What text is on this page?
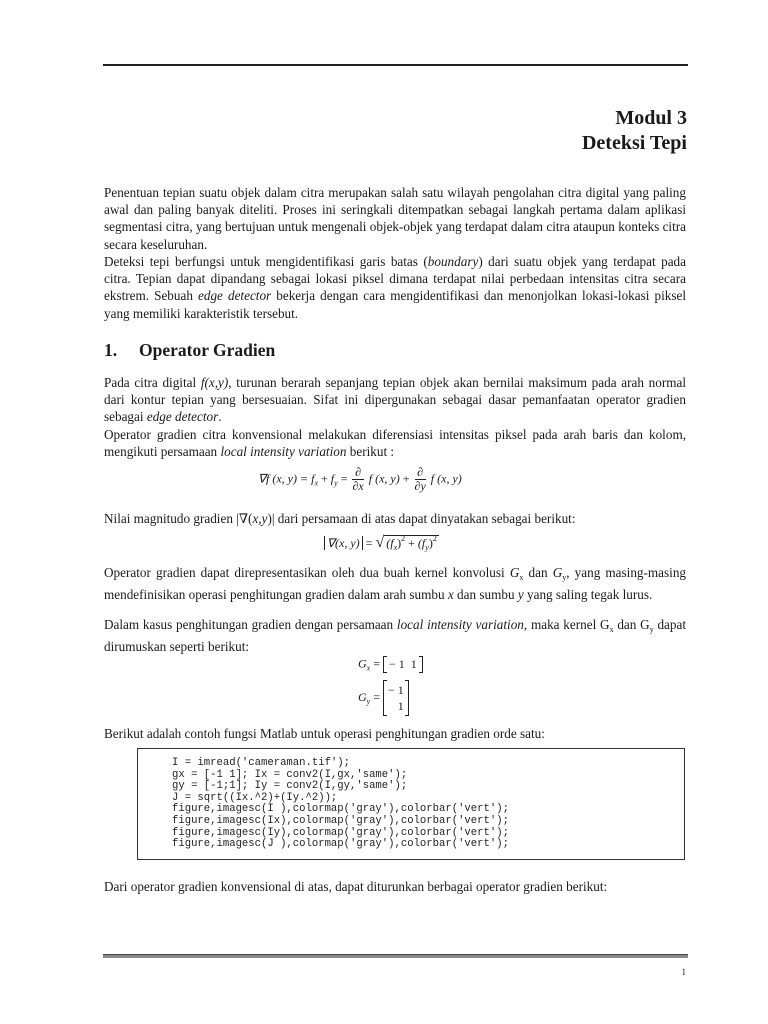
Modul 3
Deteksi Tepi
Penentuan tepian suatu objek dalam citra merupakan salah satu wilayah pengolahan citra digital yang paling awal dan paling banyak diteliti. Proses ini seringkali ditempatkan sebagai langkah pertama dalam aplikasi segmentasi citra, yang bertujuan untuk mengenali objek-objek yang terdapat dalam citra ataupun konteks citra secara keseluruhan.
Deteksi tepi berfungsi untuk mengidentifikasi garis batas (boundary) dari suatu objek yang terdapat pada citra. Tepian dapat dipandang sebagai lokasi piksel dimana terdapat nilai perbedaan intensitas citra secara ekstrem. Sebuah edge detector bekerja dengan cara mengidentifikasi dan menonjolkan lokasi-lokasi piksel yang memiliki karakteristik tersebut.
1. Operator Gradien
Pada citra digital f(x,y), turunan berarah sepanjang tepian objek akan bernilai maksimum pada arah normal dari kontur tepian yang bersesuaian. Sifat ini dipergunakan sebagai dasar pemanfaatan operator gradien sebagai edge detector.
Operator gradien citra konvensional melakukan diferensiasi intensitas piksel pada arah baris dan kolom, mengikuti persamaan local intensity variation berikut :
∇f (x, $y) = f_x + f_y = \frac{\partial}{\partial x}$ f (x, $y) + \frac{\partial}{\partial y}$ f (x, y)
Nilai magnitudo gradien |∇(x,y)| dari persamaan di atas dapat dinyatakan sebagai berikut:
∇(x, y) = √ $(f_x)^2 + (f_y)^2$
Operator gradien dapat direpresentasikan oleh dua buah kernel konvolusi $G_x$ dan $G_y$, yang masing-masing mendefinisikan operasi penghitungan gradien dalam arah sumbu x dan sumbu y yang saling tegak lurus.
Dalam kasus penghitungan gradien dengan persamaan local intensity variation, maka kernel $G_x$ dan $G_y$ dapat dirumuskan seperti berikut:
$G_x$ = − 1 1
$G_y$ = − 1
1
Berikut adalah contoh fungsi Matlab untuk operasi penghitungan gradien orde satu:
I = imread('cameraman.tif');
gx = [-1 1]; Ix = conv2(I,gx,'same');
gy = [-1;1]; Iy = conv2(I,gy,'same');
J = sqrt((Ix.^2)+(Iy.^2));
figure,imagesc(I ),colormap('gray'),colorbar('vert');
figure,imagesc(Ix),colormap('gray'),colorbar('vert');
figure,imagesc(Iy),colormap('gray'),colorbar('vert');
figure,imagesc(J ),colormap('gray'),colorbar('vert');
Dari operator gradien konvensional di atas, dapat diturunkan berbagai operator gradien berikut:
1
